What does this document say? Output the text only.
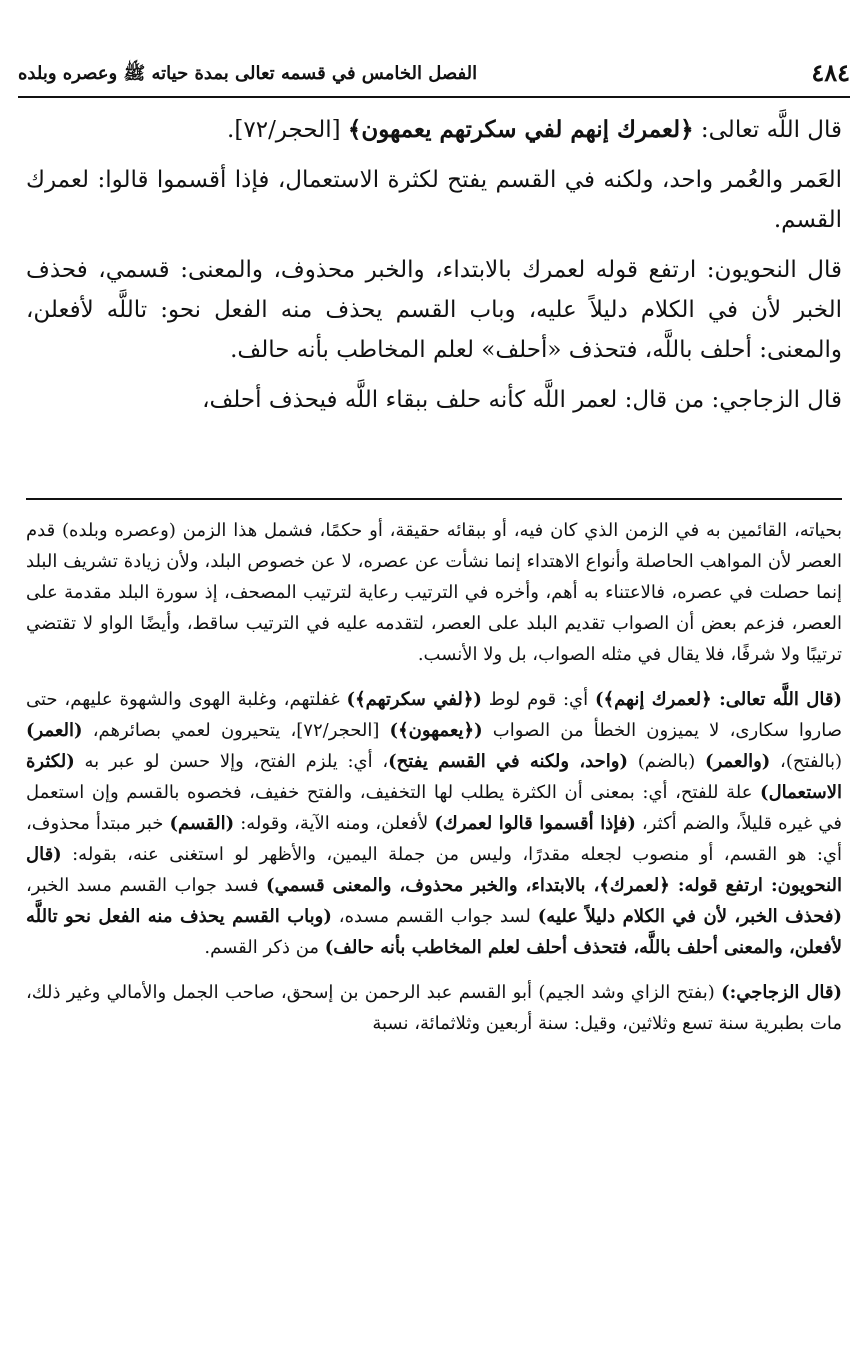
٤٨٤
الفصل الخامس في قسمه تعالى بمدة حياته ﷺ وعصره وبلده

قال اللَّه تعالى: ﴿لعمرك إنهم لفي سكرتهم يعمهون﴾ [الحجر/٧٢].

العَمر والعُمر واحد، ولكنه في القسم يفتح لكثرة الاستعمال، فإذا أقسموا قالوا: لعمرك القسم.

قال النحويون: ارتفع قوله لعمرك بالابتداء، والخبر محذوف، والمعنى: قسمي، فحذف الخبر لأن في الكلام دليلاً عليه، وباب القسم يحذف منه الفعل نحو: تاللَّه لأفعلن، والمعنى: أحلف باللَّه، فتحذف «أحلف» لعلم المخاطب بأنه حالف.

قال الزجاجي: من قال: لعمر اللَّه كأنه حلف ببقاء اللَّه فيحذف أحلف،

بحياته، القائمين به في الزمن الذي كان فيه، أو ببقائه حقيقة، أو حكمًا، فشمل هذا الزمن (وعصره وبلده) قدم العصر لأن المواهب الحاصلة وأنواع الاهتداء إنما نشأت عن عصره، لا عن خصوص البلد، ولأن زيادة تشريف البلد إنما حصلت في عصره، فالاعتناء به أهم، وأخره في الترتيب رعاية لترتيب المصحف، إذ سورة البلد مقدمة على العصر، فزعم بعض أن الصواب تقديم البلد على العصر، لتقدمه عليه في الترتيب ساقط، وأيضًا الواو لا تقتضي ترتيبًا ولا شرفًا، فلا يقال في مثله الصواب، بل ولا الأنسب.

(قال اللَّه تعالى: ﴿لعمرك إنهم﴾) أي: قوم لوط (﴿لفي سكرتهم﴾) غفلتهم، وغلبة الهوى والشهوة عليهم، حتى صاروا سكارى، لا يميزون الخطأ من الصواب (﴿يعمهون﴾) [الحجر/٧٢]، يتحيرون لعمي بصائرهم، (العمر) (بالفتح)، (والعمر) (بالضم) (واحد، ولكنه في القسم يفتح)، أي: يلزم الفتح، وإلا حسن لو عبر به (لكثرة الاستعمال) علة للفتح، أي: بمعنى أن الكثرة يطلب لها التخفيف، والفتح خفيف، فخصوه بالقسم وإن استعمل في غيره قليلاً، والضم أكثر، (فإذا أقسموا قالوا لعمرك) لأفعلن، ومنه الآية، وقوله: (القسم) خبر مبتدأ محذوف، أي: هو القسم، أو منصوب لجعله مقدرًا، وليس من جملة اليمين، والأظهر لو استغنى عنه، بقوله: (قال النحويون: ارتفع قوله: ﴿لعمرك﴾، بالابتداء، والخبر محذوف، والمعنى قسمي) فسد جواب القسم مسد الخبر، (فحذف الخبر، لأن في الكلام دليلاً عليه) لسد جواب القسم مسده، (وباب القسم يحذف منه الفعل نحو تاللَّه لأفعلن، والمعنى أحلف باللَّه، فتحذف أحلف لعلم المخاطب بأنه حالف) من ذكر القسم.

(قال الزجاجي:) (بفتح الزاي وشد الجيم) أبو القسم عبد الرحمن بن إسحق، صاحب الجمل والأمالي وغير ذلك، مات بطبرية سنة تسع وثلاثين، وقيل: سنة أربعين وثلاثمائة، نسبة
